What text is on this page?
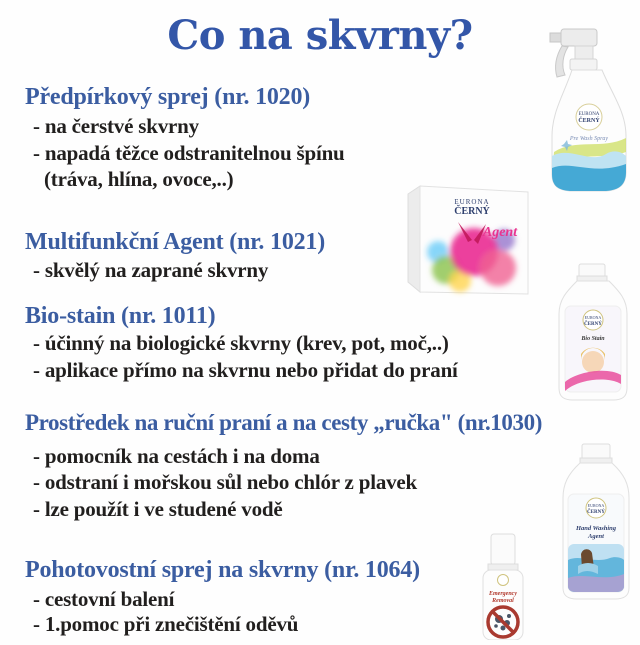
Co na skvrny?
Předpírkový sprej (nr. 1020)
- na čerstvé skvrny
- napadá těžce odstranitelnou špínu
(tráva, hlína, ovoce,..)
Multifunkční Agent (nr. 1021)
- skvělý na zaprané skvrny
Bio-stain (nr. 1011)
- účinný na biologické skvrny (krev, pot, moč,..)
- aplikace přímo na skvrnu nebo přidat do praní
Prostředek na ruční praní a na cesty „ručka" (nr.1030)
- pomocník na cestách i na doma
- odstraní i mořskou sůl nebo chlór z plavek
- lze použít i ve studené vodě
Pohotovostní sprej na skvrny (nr. 1064)
- cestovní balení
- 1.pomoc při znečištění oděvů
EURONA
ČERNÝ
Pre Wash Spray
EURONA
ČERNÝ
Agent
EURONA
ČERNÝ
Bio Stain
EURONA
ČERNÝ
Hand Washing
Agent
Emergency
Removal
